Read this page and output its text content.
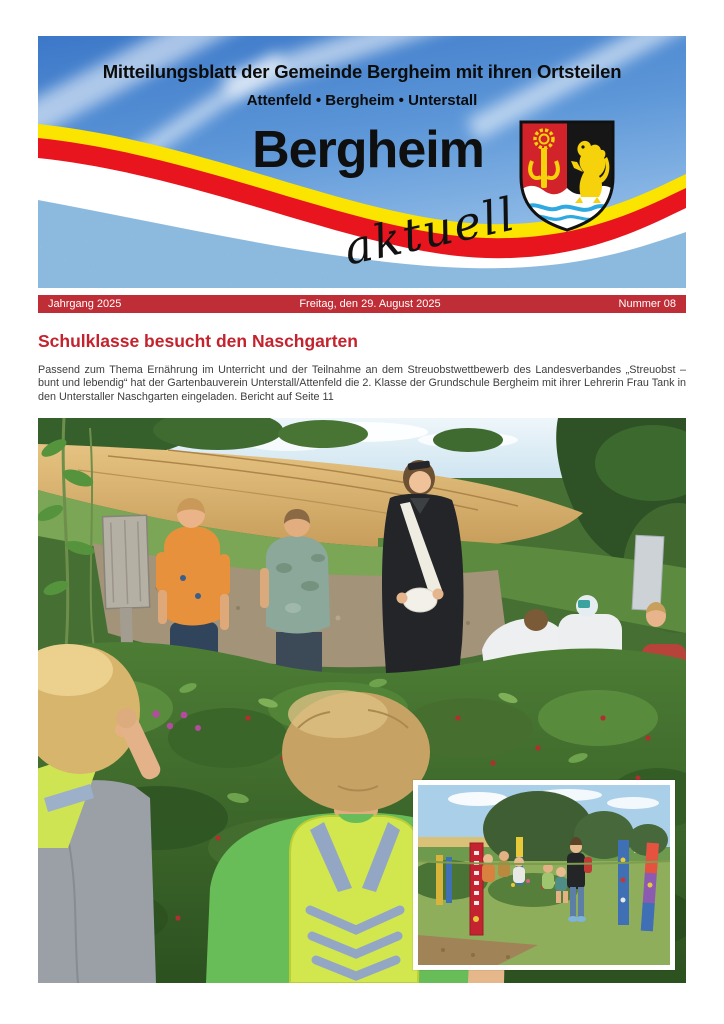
Mitteilungsblatt der Gemeinde Bergheim mit ihren Ortsteilen
Attenfeld • Bergheim • Unterstall
Bergheim
aktuell
Jahrgang 2025	Freitag, den 29. August 2025	Nummer 08
Schulklasse besucht den Naschgarten
Passend zum Thema Ernährung im Unterricht und der Teilnahme an dem Streuobstwettbewerb des Landesverbandes „Streuobst – bunt und lebendig“ hat der Gartenbauverein Unterstall/Attenfeld die 2. Klasse der Grundschule Bergheim mit ihrer Lehrerin Frau Tank in den Unterstaller Naschgarten eingeladen. Bericht auf Seite 11
